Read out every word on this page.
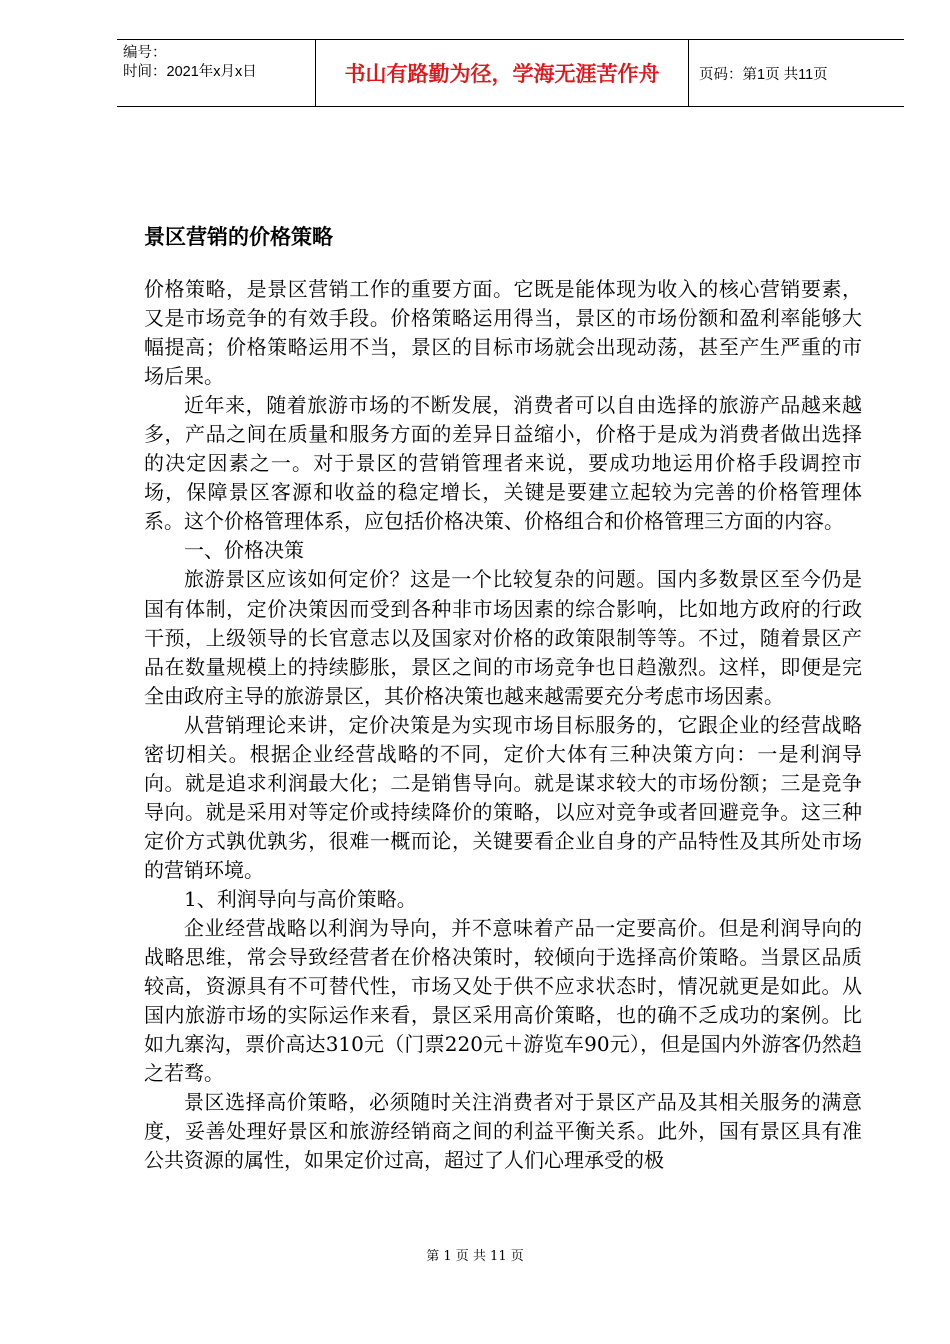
编号：
时间：2021年x月x日	书山有路勤为径，学海无涯苦作舟	页码：第1页 共11页
景区营销的价格策略

价格策略，是景区营销工作的重要方面。它既是能体现为收入的核心营销要素，又是市场竞争的有效手段。价格策略运用得当，景区的市场份额和盈利率能够大幅提高；价格策略运用不当，景区的目标市场就会出现动荡，甚至产生严重的市场后果。

近年来，随着旅游市场的不断发展，消费者可以自由选择的旅游产品越来越多，产品之间在质量和服务方面的差异日益缩小，价格于是成为消费者做出选择的决定因素之一。对于景区的营销管理者来说，要成功地运用价格手段调控市场，保障景区客源和收益的稳定增长，关键是要建立起较为完善的价格管理体系。这个价格管理体系，应包括价格决策、价格组合和价格管理三方面的内容。

一、价格决策

旅游景区应该如何定价？这是一个比较复杂的问题。国内多数景区至今仍是国有体制，定价决策因而受到各种非市场因素的综合影响，比如地方政府的行政干预，上级领导的长官意志以及国家对价格的政策限制等等。不过，随着景区产品在数量规模上的持续膨胀，景区之间的市场竞争也日趋激烈。这样，即便是完全由政府主导的旅游景区，其价格决策也越来越需要充分考虑市场因素。

从营销理论来讲，定价决策是为实现市场目标服务的，它跟企业的经营战略密切相关。根据企业经营战略的不同，定价大体有三种决策方向：一是利润导向。就是追求利润最大化；二是销售导向。就是谋求较大的市场份额；三是竞争导向。就是采用对等定价或持续降价的策略，以应对竞争或者回避竞争。这三种定价方式孰优孰劣，很难一概而论，关键要看企业自身的产品特性及其所处市场的营销环境。

1、利润导向与高价策略。

企业经营战略以利润为导向，并不意味着产品一定要高价。但是利润导向的战略思维，常会导致经营者在价格决策时，较倾向于选择高价策略。当景区品质较高，资源具有不可替代性，市场又处于供不应求状态时，情况就更是如此。从国内旅游市场的实际运作来看，景区采用高价策略，也的确不乏成功的案例。比如九寨沟，票价高达310元（门票220元＋游览车90元），但是国内外游客仍然趋之若骛。

景区选择高价策略，必须随时关注消费者对于景区产品及其相关服务的满意度，妥善处理好景区和旅游经销商之间的利益平衡关系。此外，国有景区具有准公共资源的属性，如果定价过高，超过了人们心理承受的极

第 1 页 共 11 页
